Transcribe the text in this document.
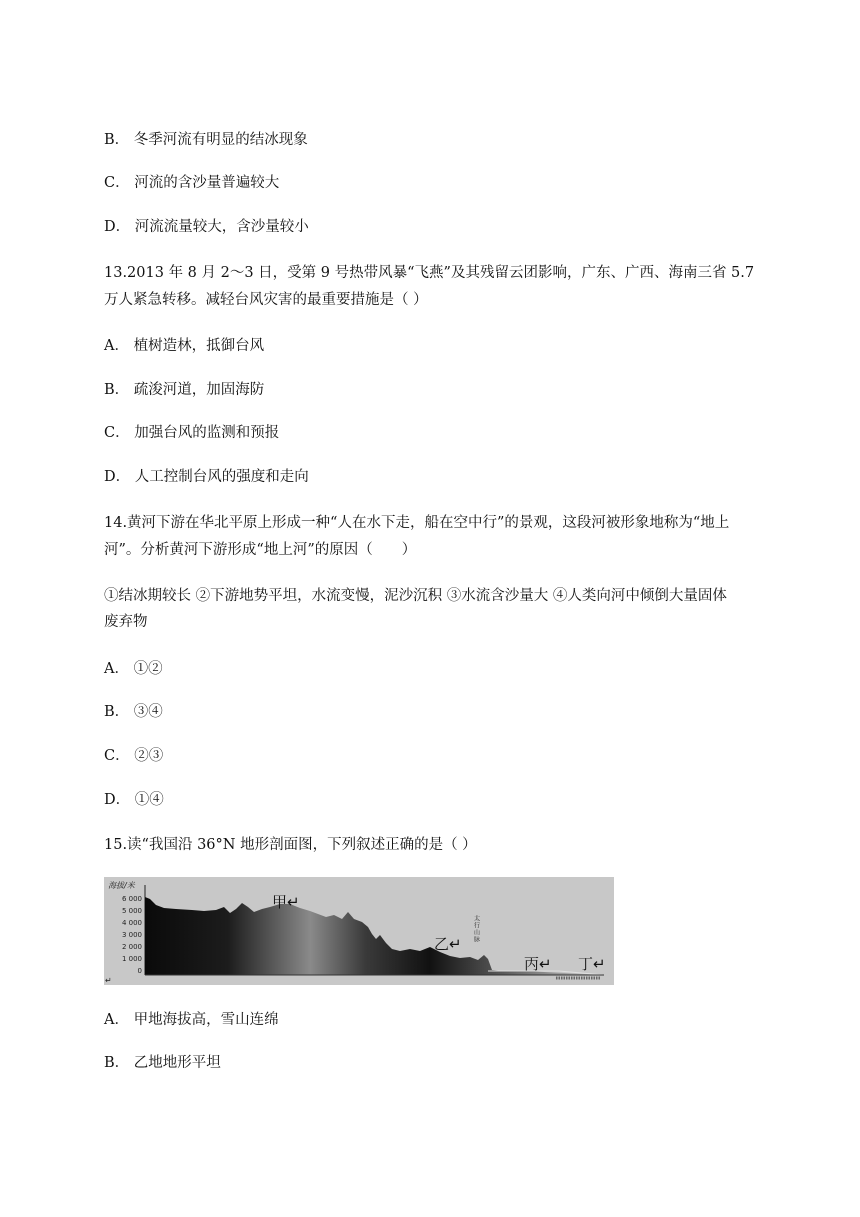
B． 冬季河流有明显的结冰现象
C． 河流的含沙量普遍较大
D． 河流流量较大，含沙量较小
13.2013 年 8 月 2～3 日，受第 9 号热带风暴“飞燕”及其残留云团影响，广东、广西、海南三省 5.7
万人紧急转移。减轻台风灾害的最重要措施是（ ）
A． 植树造林，抵御台风
B． 疏浚河道，加固海防
C． 加强台风的监测和预报
D． 人工控制台风的强度和走向
14.黄河下游在华北平原上形成一种“人在水下走，船在空中行”的景观，这段河被形象地称为“地上
河”。分析黄河下游形成“地上河”的原因（　　）
①结冰期较长 ②下游地势平坦，水流变慢，泥沙沉积 ③水流含沙量大 ④人类向河中倾倒大量固体
废弃物
A． ①②
B． ③④
C． ②③
D． ①④
15.读“我国沿 36°N 地形剖面图，下列叙述正确的是（ ）
海拔/米
6 000
5 000
4 000
3 000
2 000
1 000
0
↵
甲↵
乙↵
丙↵ 丁↵
太行山脉
A． 甲地海拔高，雪山连绵
B． 乙地地形平坦
